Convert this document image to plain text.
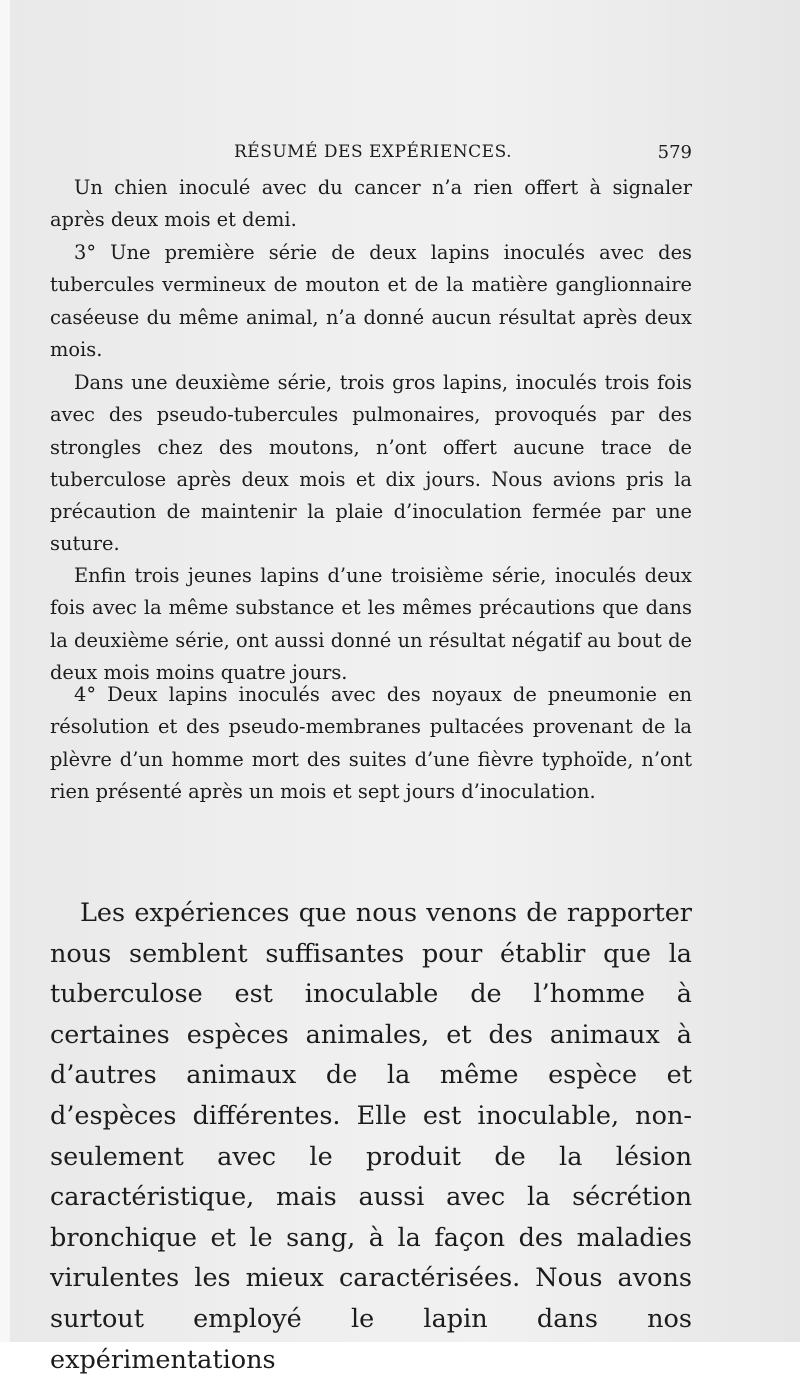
RÉSUMÉ DES EXPÉRIENCES.	579

Un chien inoculé avec du cancer n’a rien offert à signaler après deux mois et demi.

3° Une première série de deux lapins inoculés avec des tubercules vermineux de mouton et de la matière ganglionnaire caséeuse du même animal, n’a donné aucun résultat après deux mois.

Dans une deuxième série, trois gros lapins, inoculés trois fois avec des pseudo-tubercules pulmonaires, provoqués par des strongles chez des moutons, n’ont offert aucune trace de tuberculose après deux mois et dix jours. Nous avions pris la précaution de maintenir la plaie d’inoculation fermée par une suture.

Enfin trois jeunes lapins d’une troisième série, inoculés deux fois avec la même substance et les mêmes précautions que dans la deuxième série, ont aussi donné un résultat négatif au bout de deux mois moins quatre jours.

4° Deux lapins inoculés avec des noyaux de pneumonie en résolution et des pseudo-membranes pultacées provenant de la plèvre d’un homme mort des suites d’une fièvre typhoïde, n’ont rien présenté après un mois et sept jours d’inoculation.

Les expériences que nous venons de rapporter nous semblent suffisantes pour établir que la tuberculose est inoculable de l’homme à certaines espèces animales, et des animaux à d’autres animaux de la même espèce et d’espèces différentes. Elle est inoculable, non-seulement avec le produit de la lésion caractéristique, mais aussi avec la sécrétion bronchique et le sang, à la façon des maladies virulentes les mieux caractérisées. Nous avons surtout employé le lapin dans nos expérimentations
